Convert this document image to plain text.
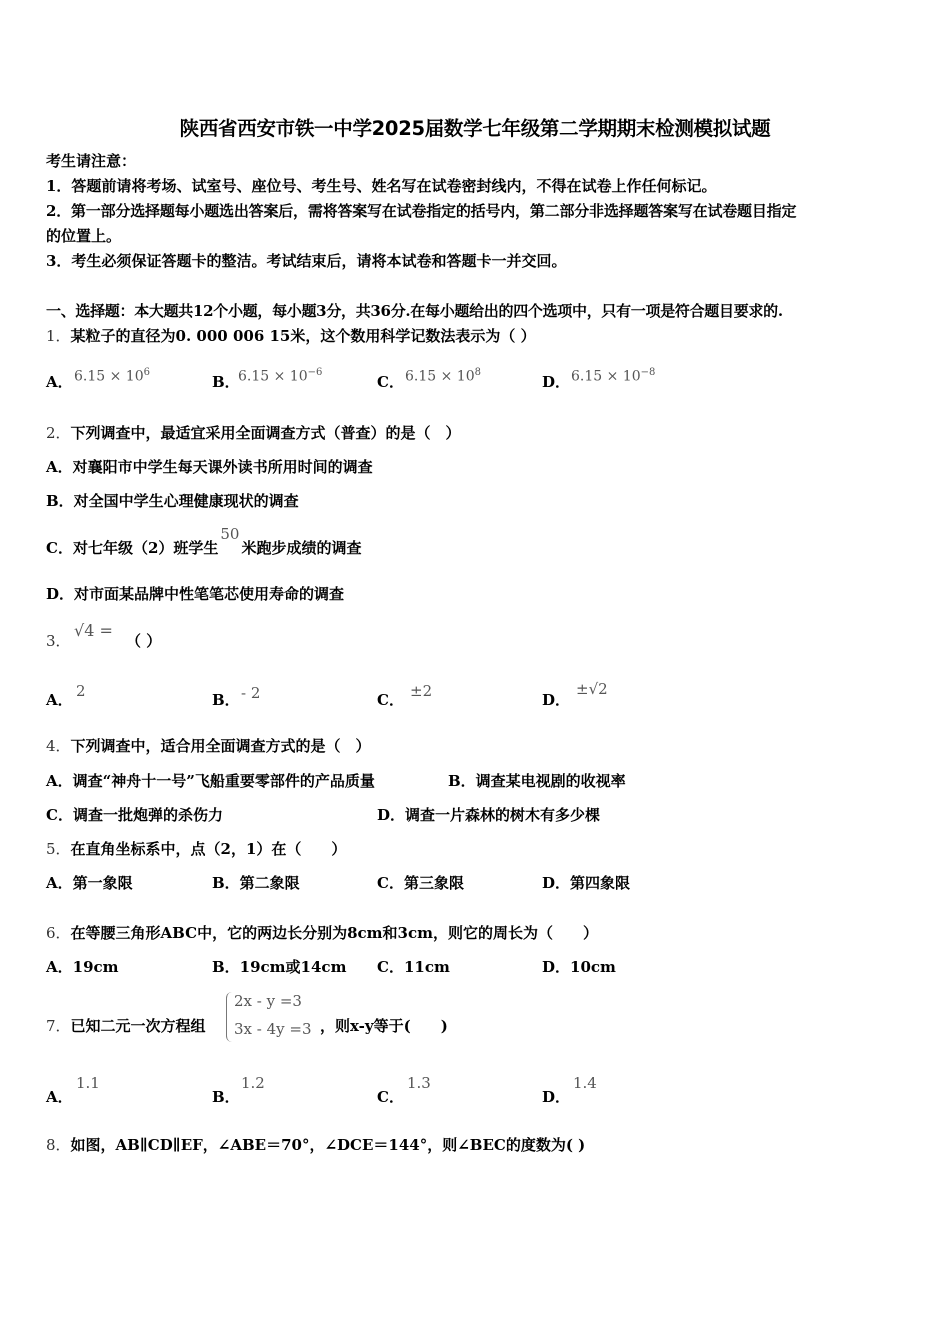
陕西省西安市铁一中学2025届数学七年级第二学期期末检测模拟试题
考生请注意：
1．答题前请将考场、试室号、座位号、考生号、姓名写在试卷密封线内，不得在试卷上作任何标记。
2．第一部分选择题每小题选出答案后，需将答案写在试卷指定的括号内，第二部分非选择题答案写在试卷题目指定
的位置上。
3．考生必须保证答题卡的整洁。考试结束后，请将本试卷和答题卡一并交回。
一、选择题：本大题共12个小题，每小题3分，共36分.在每小题给出的四个选项中，只有一项是符合题目要求的.
1．某粒子的直径为0. 000 006 15米，这个数用科学记数法表示为（ ）
A． $6.15 \times 10^6$
B．
$6.15 \times 10^{-6}$
C． $6.15 \times 10^8$
D． $6.15 \times 10^{-8}$
2．下列调查中，最适宜采用全面调查方式（普查）的是（　）
A．对襄阳市中学生每天课外读书所用时间的调查
B．对全国中学生心理健康现状的调查
C．对七年级（2）班学生50米跑步成绩的调查
D．对市面某品牌中性笔笔芯使用寿命的调查
3．
√4 =
（ ）
A． 2	B． - 2	C． ±2	D．
±√2
4．下列调查中，适合用全面调查方式的是（　）
A．调查“神舟十一号”飞船重要零部件的产品质量	B．调查某电视剧的收视率
C．调查一批炮弹的杀伤力	D．调查一片森林的树木有多少棵
5．在直角坐标系中，点（2，1）在（　　）
A．第一象限	B．第二象限	C．第三象限	D．第四象限
6．在等腰三角形ABC中，它的两边长分别为8cm和3cm，则它的周长为（　　）
A．19cm	B．19cm或14cm C．11cm	D．10cm
7．已知二元一次方程组
2x - y =3
3x - 4y =3 ，则x-y等于(　　)
A．
1.1
B．
1.2
C．
1.3
D．
1.4
8．如图，AB∥CD∥EF，∠ABE＝70°，∠DCE＝144°，则∠BEC的度数为( )
